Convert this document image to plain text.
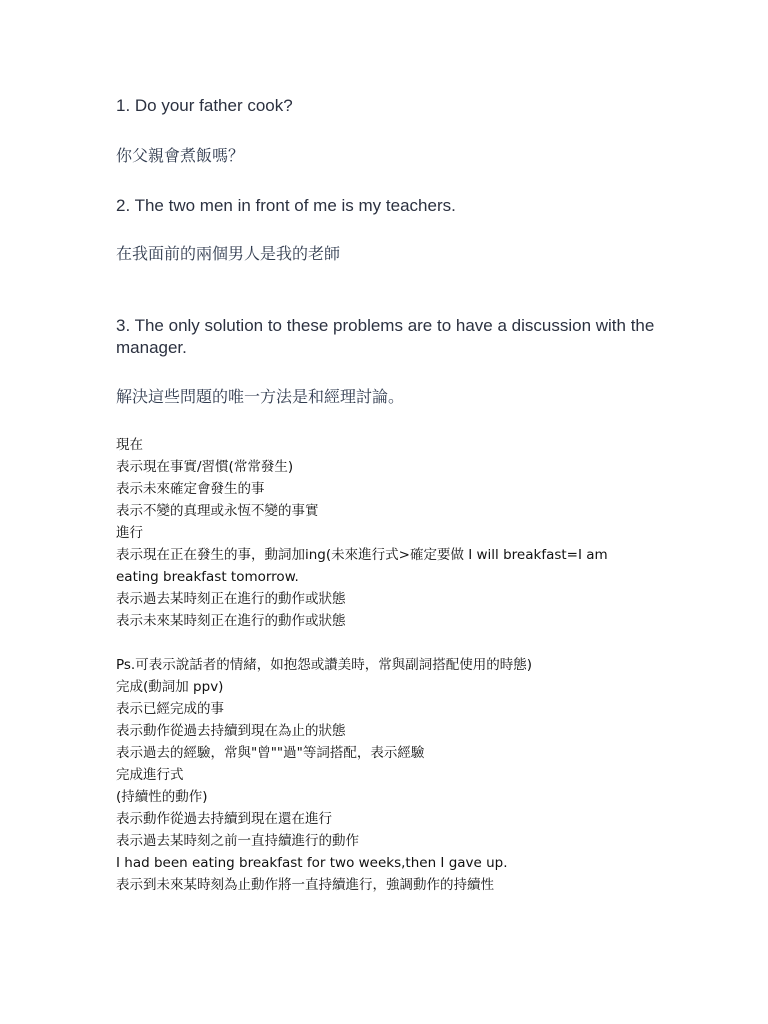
1. Do your father cook?
你父親會煮飯嗎？
2. The two men in front of me is my teachers.
在我面前的兩個男人是我的老師
3. The only solution to these problems are to have a discussion with the manager.
解決這些問題的唯一方法是和經理討論。
現在
表示現在事實/習慣(常常發生)
表示未來確定會發生的事
表示不變的真理或永恆不變的事實
進行
表示現在正在發生的事，動詞加ing(未來進行式>確定要做 I will breakfast=I am eating breakfast tomorrow.
表示過去某時刻正在進行的動作或狀態
表示未來某時刻正在進行的動作或狀態
Ps.可表示說話者的情緒，如抱怨或讚美時，常與副詞搭配使用的時態)
完成(動詞加 ppv)
表示已經完成的事
表示動作從過去持續到現在為止的狀態
表示過去的經驗，常與"曾""過"等詞搭配，表示經驗
完成進行式
(持續性的動作)
表示動作從過去持續到現在還在進行
表示過去某時刻之前一直持續進行的動作
I had been eating breakfast for two weeks,then I gave up.
表示到未來某時刻為止動作將一直持續進行，強調動作的持續性
